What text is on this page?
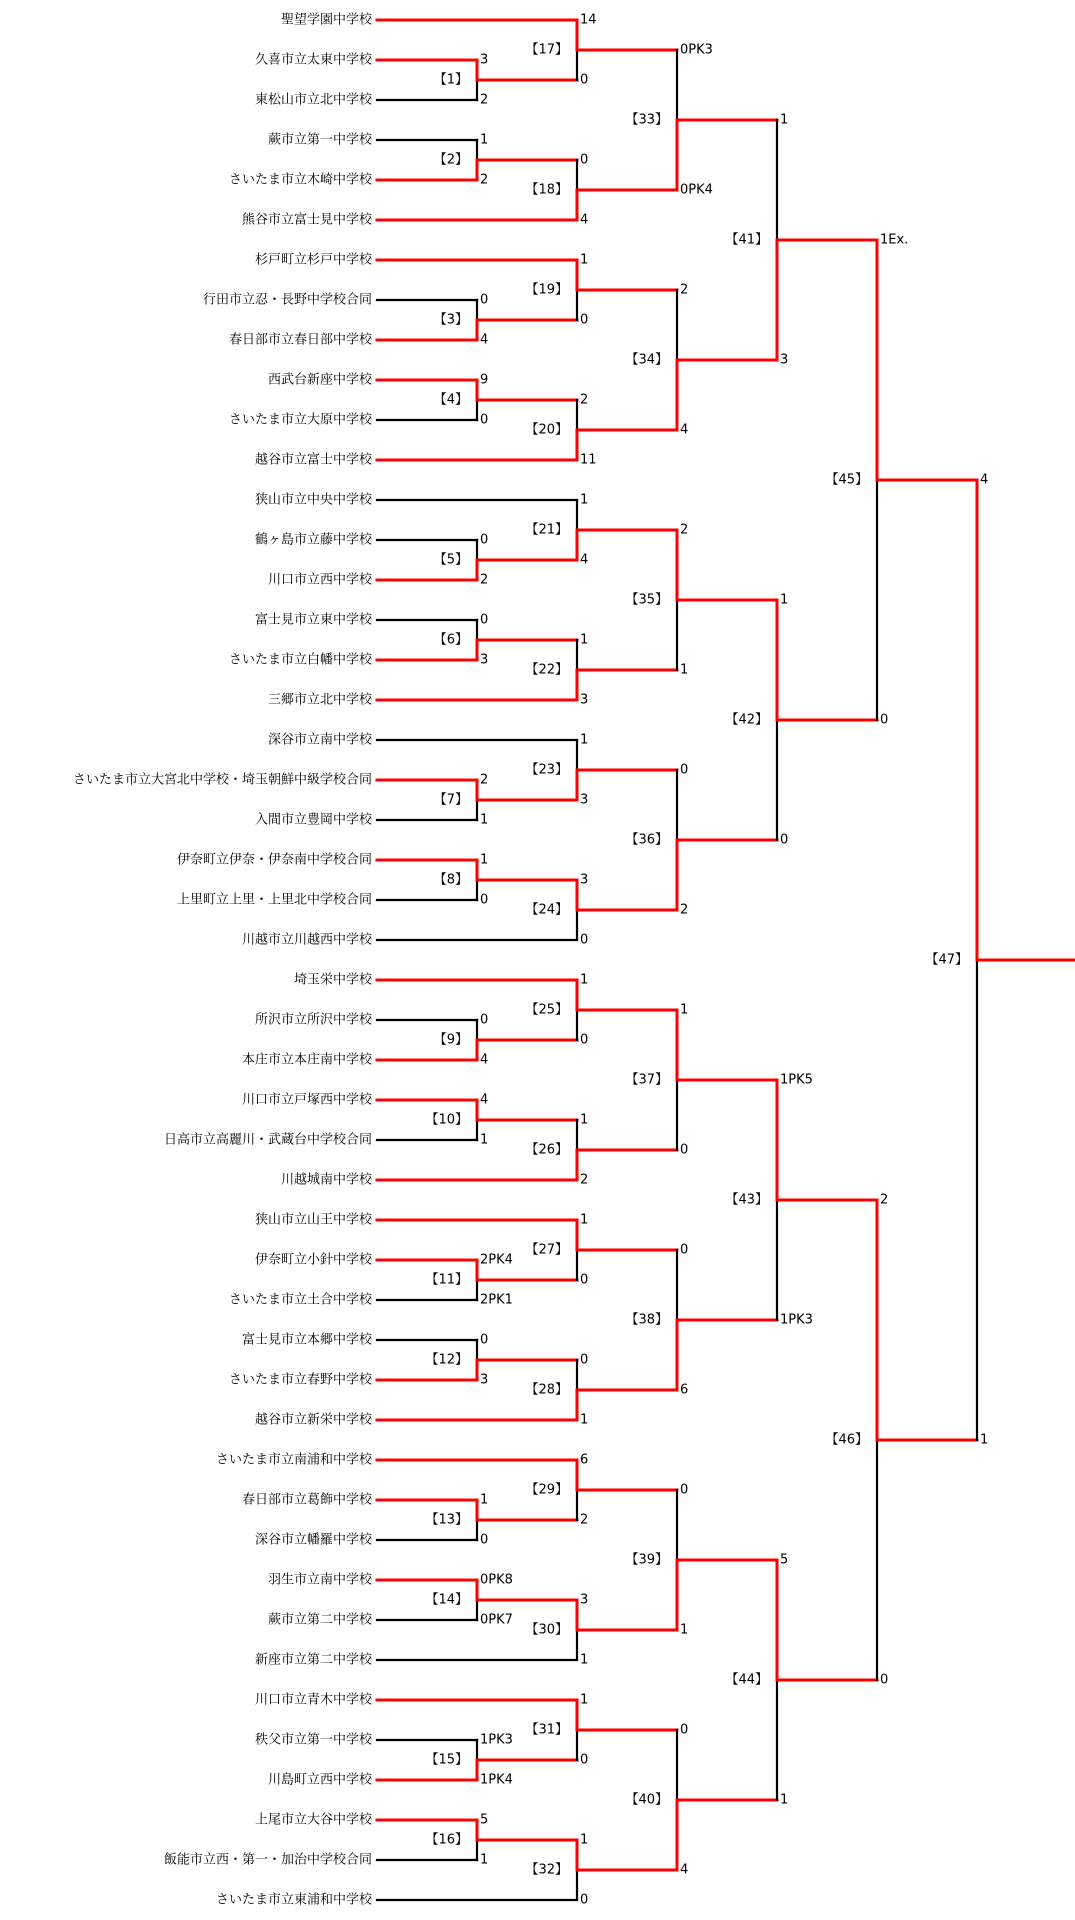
聖望学園中学校
久喜市立太東中学校
東松山市立北中学校
蕨市立第一中学校
さいたま市立木崎中学校
熊谷市立富士見中学校
杉戸町立杉戸中学校
行田市立忍・長野中学校合同
春日部市立春日部中学校
西武台新座中学校
さいたま市立大原中学校
越谷市立富士中学校
狭山市立中央中学校
鶴ヶ島市立藤中学校
川口市立西中学校
富士見市立東中学校
さいたま市立白幡中学校
三郷市立北中学校
深谷市立南中学校
さいたま市立大宮北中学校・埼玉朝鮮中級学校合同
入間市立豊岡中学校
伊奈町立伊奈・伊奈南中学校合同
上里町立上里・上里北中学校合同
川越市立川越西中学校
埼玉栄中学校
所沢市立所沢中学校
本庄市立本庄南中学校
川口市立戸塚西中学校
日高市立高麗川・武蔵台中学校合同
川越城南中学校
狭山市立山王中学校
伊奈町立小針中学校
さいたま市立土合中学校
富士見市立本郷中学校
さいたま市立春野中学校
越谷市立新栄中学校
さいたま市立南浦和中学校
春日部市立葛飾中学校
深谷市立幡羅中学校
羽生市立南中学校
蕨市立第二中学校
新座市立第二中学校
川口市立青木中学校
秩父市立第一中学校
川島町立西中学校
上尾市立大谷中学校
飯能市立西・第一・加治中学校合同
さいたま市立東浦和中学校
3
2
【1】
1
2
【2】
0
4
【3】
9
0
【4】
0
2
【5】
0
3
【6】
2
1
【7】
1
0
【8】
0
4
【9】
4
1
【10】
2PK4
2PK1
【11】
0
3
【12】
1
0
【13】
0PK8
0PK7
【14】
1PK3
1PK4
【15】
5
1
【16】
14
0
【17】
4
0
【18】
1
0
【19】
11
2
【20】
1
4
【21】
3
1
【22】
1
3
【23】
0
3
【24】
1
0
【25】
2
1
【26】
1
0
【27】
1
0
【28】
6
2
【29】
1
3
【30】
1
0
【31】
0
1
【32】
0PK3
0PK4
【33】
2
4
【34】
2
1
【35】
0
2
【36】
1
0
【37】
0
6
【38】
0
1
【39】
0
4
【40】
1
3
【41】
1
0
【42】
1PK5
1PK3
【43】
5
1
【44】
1Ex.
0
【45】
2
0
【46】
4
1
【47】
